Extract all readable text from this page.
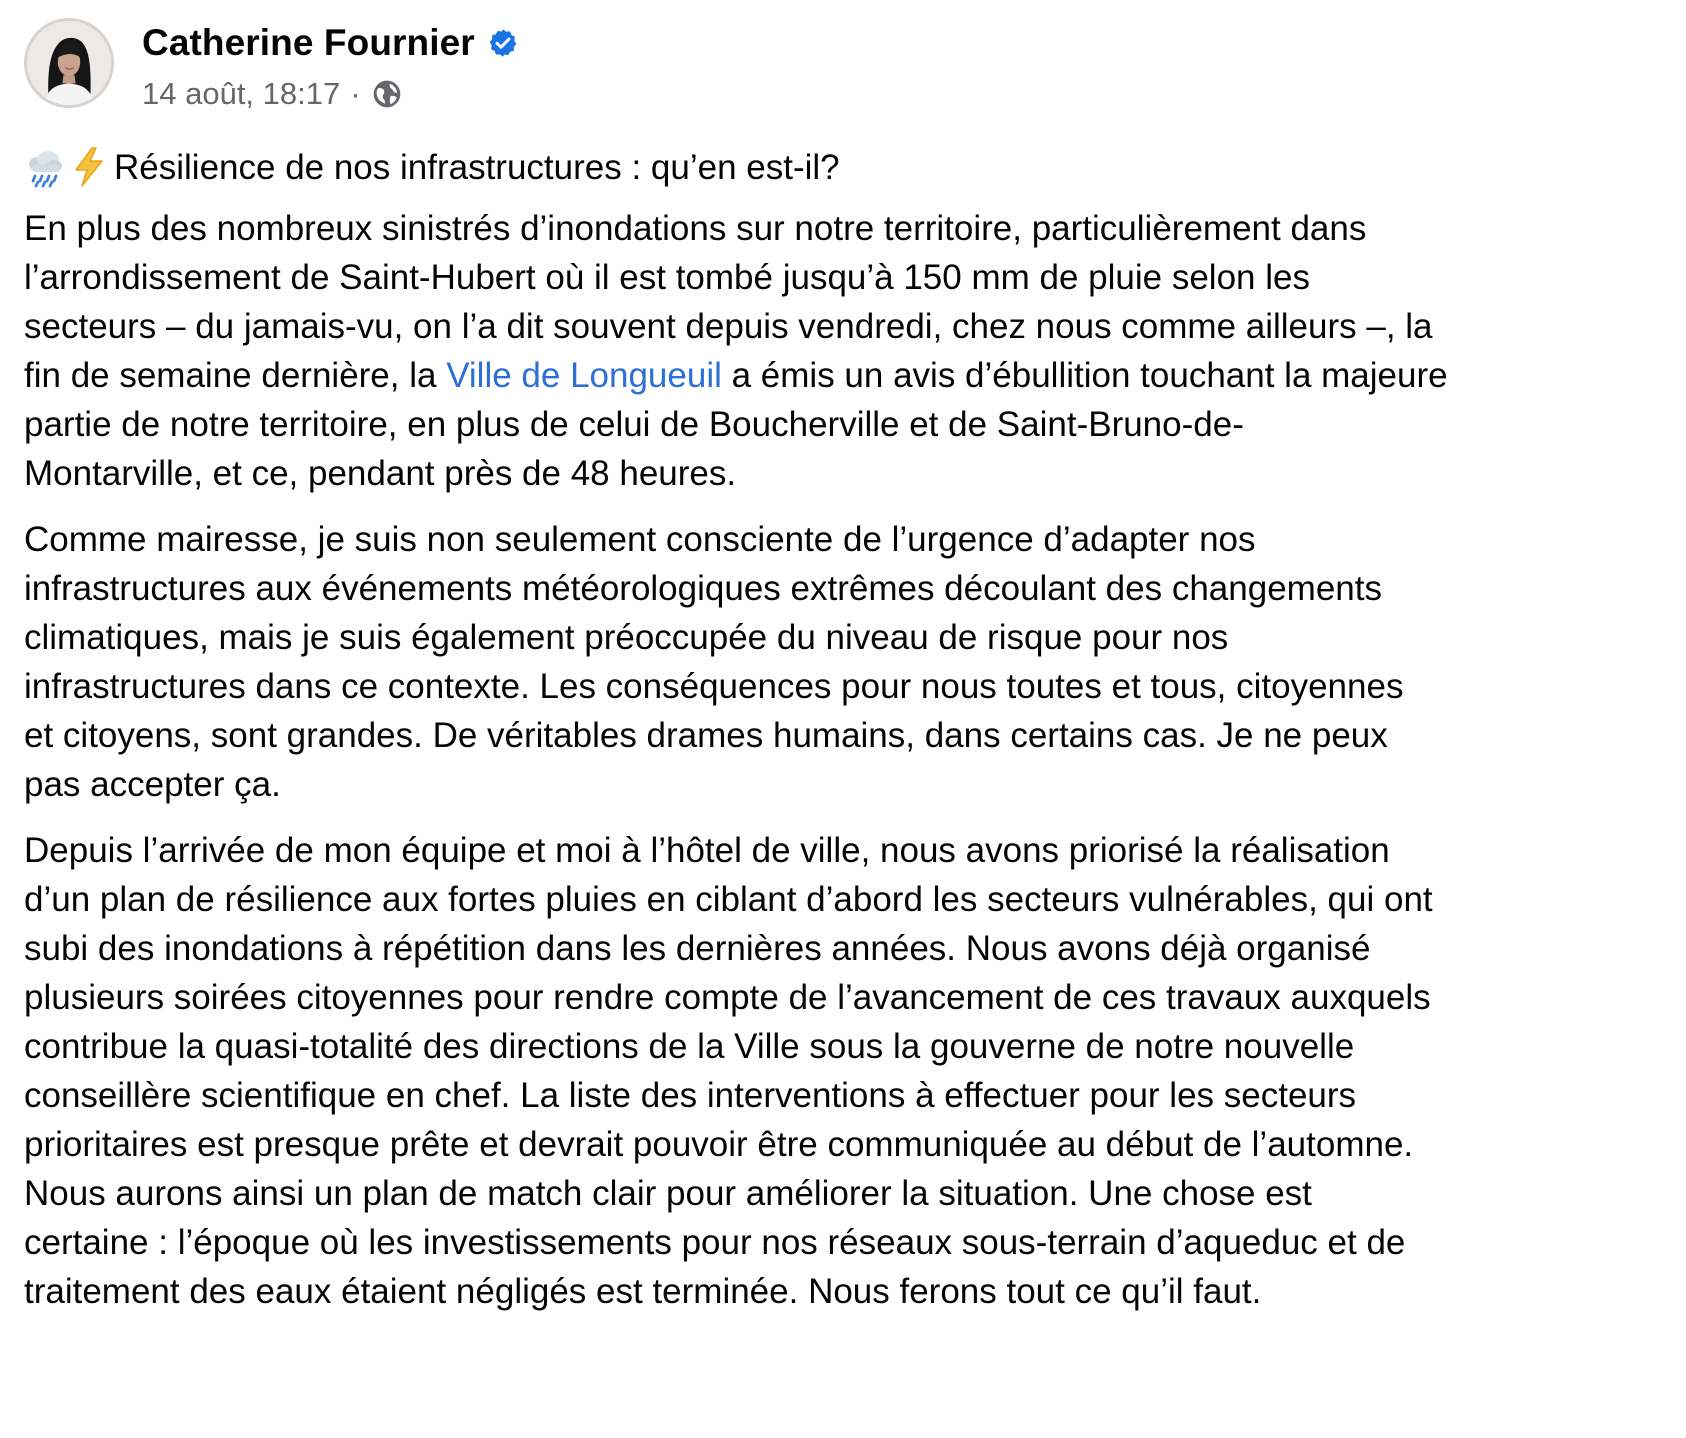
Catherine Fournier
14 août, 18:17 ·

Résilience de nos infrastructures : qu’en est-il?

En plus des nombreux sinistrés d’inondations sur notre territoire, particulièrement dans
l’arrondissement de Saint-Hubert où il est tombé jusqu’à 150 mm de pluie selon les
secteurs – du jamais-vu, on l’a dit souvent depuis vendredi, chez nous comme ailleurs –, la
fin de semaine dernière, la Ville de Longueuil a émis un avis d’ébullition touchant la majeure
partie de notre territoire, en plus de celui de Boucherville et de Saint-Bruno-de-
Montarville, et ce, pendant près de 48 heures.

Comme mairesse, je suis non seulement consciente de l’urgence d’adapter nos
infrastructures aux événements météorologiques extrêmes découlant des changements
climatiques, mais je suis également préoccupée du niveau de risque pour nos
infrastructures dans ce contexte. Les conséquences pour nous toutes et tous, citoyennes
et citoyens, sont grandes. De véritables drames humains, dans certains cas. Je ne peux
pas accepter ça.

Depuis l’arrivée de mon équipe et moi à l’hôtel de ville, nous avons priorisé la réalisation
d’un plan de résilience aux fortes pluies en ciblant d’abord les secteurs vulnérables, qui ont
subi des inondations à répétition dans les dernières années. Nous avons déjà organisé
plusieurs soirées citoyennes pour rendre compte de l’avancement de ces travaux auxquels
contribue la quasi-totalité des directions de la Ville sous la gouverne de notre nouvelle
conseillère scientifique en chef. La liste des interventions à effectuer pour les secteurs
prioritaires est presque prête et devrait pouvoir être communiquée au début de l’automne.
Nous aurons ainsi un plan de match clair pour améliorer la situation. Une chose est
certaine : l’époque où les investissements pour nos réseaux sous-terrain d’aqueduc et de
traitement des eaux étaient négligés est terminée. Nous ferons tout ce qu’il faut.
